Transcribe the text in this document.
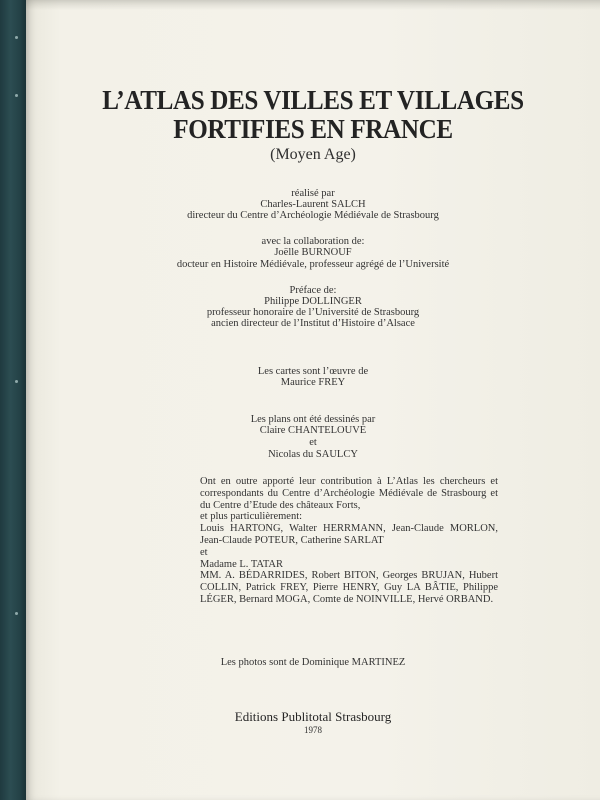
L’ATLAS DES VILLES ET VILLAGES
FORTIFIES EN FRANCE
(Moyen Age)
réalisé par
Charles-Laurent SALCH
directeur du Centre d’Archéologie Médiévale de Strasbourg
avec la collaboration de:
Joëlle BURNOUF
docteur en Histoire Médiévale, professeur agrégé de l’Université
Préface de:
Philippe DOLLINGER
professeur honoraire de l’Université de Strasbourg
ancien directeur de l’Institut d’Histoire d’Alsace
Les cartes sont l’œuvre de
Maurice FREY
Les plans ont été dessinés par
Claire CHANTELOUVE
et
Nicolas du SAULCY
Ont en outre apporté leur contribution à L’Atlas les chercheurs et correspondants du Centre d’Archéologie Médiévale de Strasbourg et du Centre d’Etude des châteaux Forts,
et plus particulièrement:
Louis HARTONG, Walter HERRMANN, Jean-Claude MORLON, Jean-Claude POTEUR, Catherine SARLAT
et
Madame L. TATAR
MM. A. BÉDARRIDES, Robert BITON, Georges BRUJAN, Hubert COLLIN, Patrick FREY, Pierre HENRY, Guy LA BÂTIE, Philippe LÉGER, Bernard MOGA, Comte de NOINVILLE, Hervé ORBAND.
Les photos sont de Dominique MARTINEZ
Editions Publitotal Strasbourg
1978
